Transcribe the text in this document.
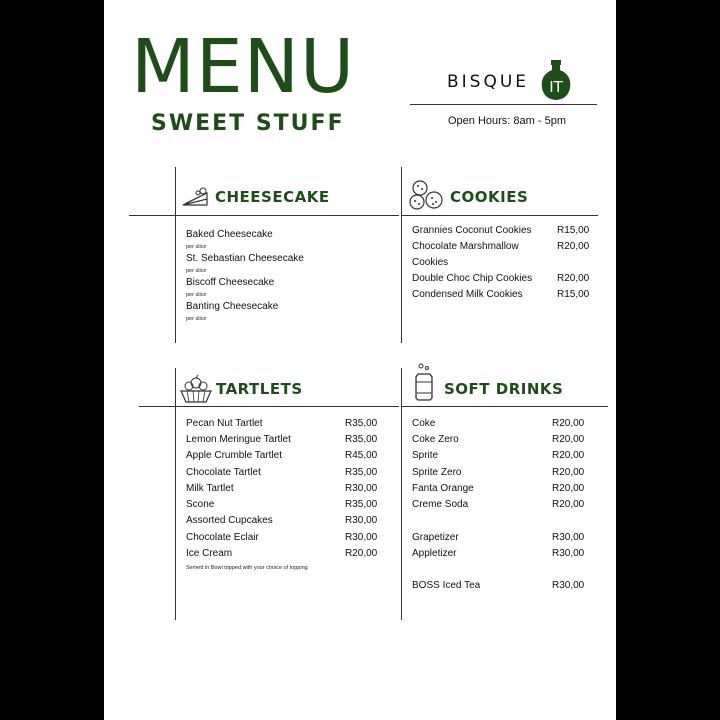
MENU
SWEET STUFF
BISQUE IT
Open Hours: 8am - 5pm
CHEESECAKE
Baked Cheesecake
per slice
St. Sebastian Cheesecake
per slice
Biscoff Cheesecake
per slice
Banting Cheesecake
per slice
COOKIES
Grannies Coconut Cookies	R15,00
Chocolate Marshmallow
Cookies
R20,00
Double Choc Chip Cookies R20,00
Condensed Milk Cookies	R15,00
TARTLETS
Pecan Nut Tartlet	R35,00
Lemon Meringue Tartlet	R35,00
Apple Crumble Tartlet	R45,00
Chocolate Tartlet	R35,00
Milk Tartlet	R30,00
Scone	R35,00
Assorted Cupcakes	R30,00
Chocolate Eclair	R30,00
Ice Cream	R20,00
Served in Bowl topped with your choice of topping
SOFT DRINKS
Coke	R20,00
Coke Zero	R20,00
Sprite	R20,00
Sprite Zero	R20,00
Fanta Orange	R20,00
Creme Soda	R20,00
Grapetizer	R30,00
Appletizer	R30,00
BOSS Iced Tea	R30,00
